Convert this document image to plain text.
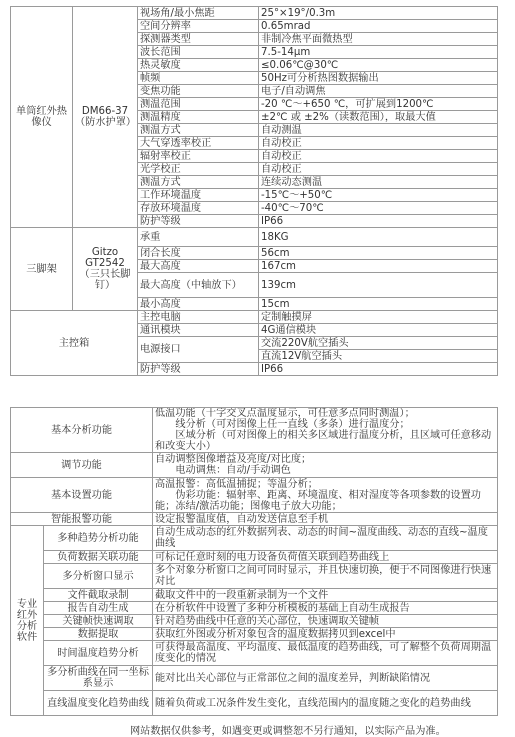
单筒红外热像仪	DM66-37（防水护罩）	视场角/最小焦距	25°×19°/0.3m
		空间分辨率	0.65mrad
		探测器类型	非制冷焦平面微热型
		波长范围	7.5-14μm
		热灵敏度	≤0.06℃@30℃
		帧频	50Hz可分析热图数据输出
		变焦功能	电子/自动调焦
		测温范围	-20 ℃～+650 ℃，可扩展到1200℃
		测温精度	±2℃ 或 ±2%（读数范围），取最大值
		测温方式	自动测温
		大气穿透率校正	自动校正
		辐射率校正	自动校正
		光学校正	自动校正
		测温方式	连续动态测温
		工作环境温度	-15℃～+50℃
		存放环境温度	-40℃～70℃
		防护等级	IP66
三脚架	Gitzo GT2542（三只长脚钉）	承重	18KG
		闭合长度	56cm
		最大高度	167cm
		最大高度（中轴放下）	139cm
		最小高度	15cm
主控箱		主控电脑	定制触摸屏
		通讯模块	4G通信模块
		电源接口	交流220V航空插头
			直流12V航空插头
		防护等级	IP66
基本分析功能		低温功能（十字交叉点温度显示，可任意多点同时测温）；
　　线分析（可对图像上任一直线（多条）进行温度分；
　　区域分析（可对图像上的相关多区域进行温度分析，且区域可任意移动和改变大小）
调节功能		自动调整图像增益及亮度/对比度；
　　电动调焦：自动/手动调色
基本设置功能		高温报警：高低温捕捉；等温分析；
　　伪彩功能：辐射率、距离、环境温度、相对湿度等各项参数的设置功能；冻结/激活功能；图像电子放大功能；
智能报警功能		设定报警温度值，自动发送信息至手机
专业红外分析软件	多种趋势分析功能	自动生成动态的红外数据列表、动态的时间~温度曲线、动态的直线~温度曲线
	负荷数据关联功能	可标记任意时刻的电力设备负荷值关联到趋势曲线上
	多分析窗口显示	多个对象分析窗口之间可同时显示，并且快速切换，便于不同图像进行快速对比
	文件截取录制	截取文件中的一段重新录制为一个文件
	报告自动生成	在分析软件中设置了多种分析模板的基础上自动生成报告
	关键帧快速调取	针对趋势曲线中任意的关心部位，快速调取关键帧
	数据提取	获取红外图或分析对象包含的温度数据拷贝到excel中
	时间温度趋势分析	可获得最高温度、平均温度、最低温度的趋势曲线，可了解整个负荷周期温度变化的情况
	多分析曲线在同一坐标系显示	能对比出关心部位与正常部位之间的温度差异，判断缺陷情况
	直线温度变化趋势曲线	随着负荷或工况条件发生变化，直线范围内的温度随之变化的趋势曲线
网站数据仅供参考，如遇变更或调整恕不另行通知，以实际产品为准。
